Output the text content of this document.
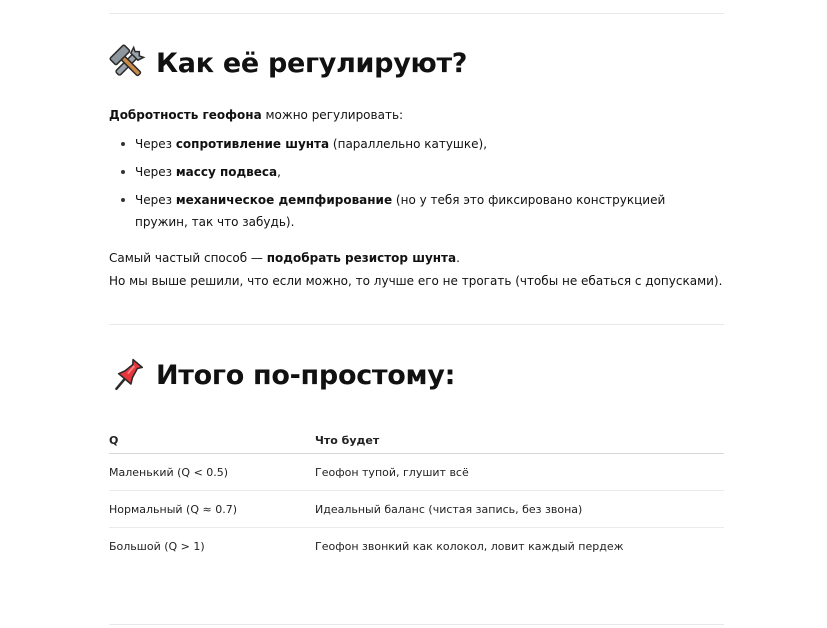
Как её регулируют?
Добротность геофона можно регулировать:
Через сопротивление шунта (параллельно катушке),
Через массу подвеса,
Через механическое демпфирование (но у тебя это фиксировано конструкцией пружин, так что забудь).
Самый частый способ — подобрать резистор шунта.
Но мы выше решили, что если можно, то лучше его не трогать (чтобы не ебаться с допусками).
Итого по-простому:
Q	Что будет
Маленький (Q < 0.5)	Геофон тупой, глушит всё
Нормальный (Q ≈ 0.7)	Идеальный баланс (чистая запись, без звона)
Большой (Q > 1)	Геофон звонкий как колокол, ловит каждый пердеж
